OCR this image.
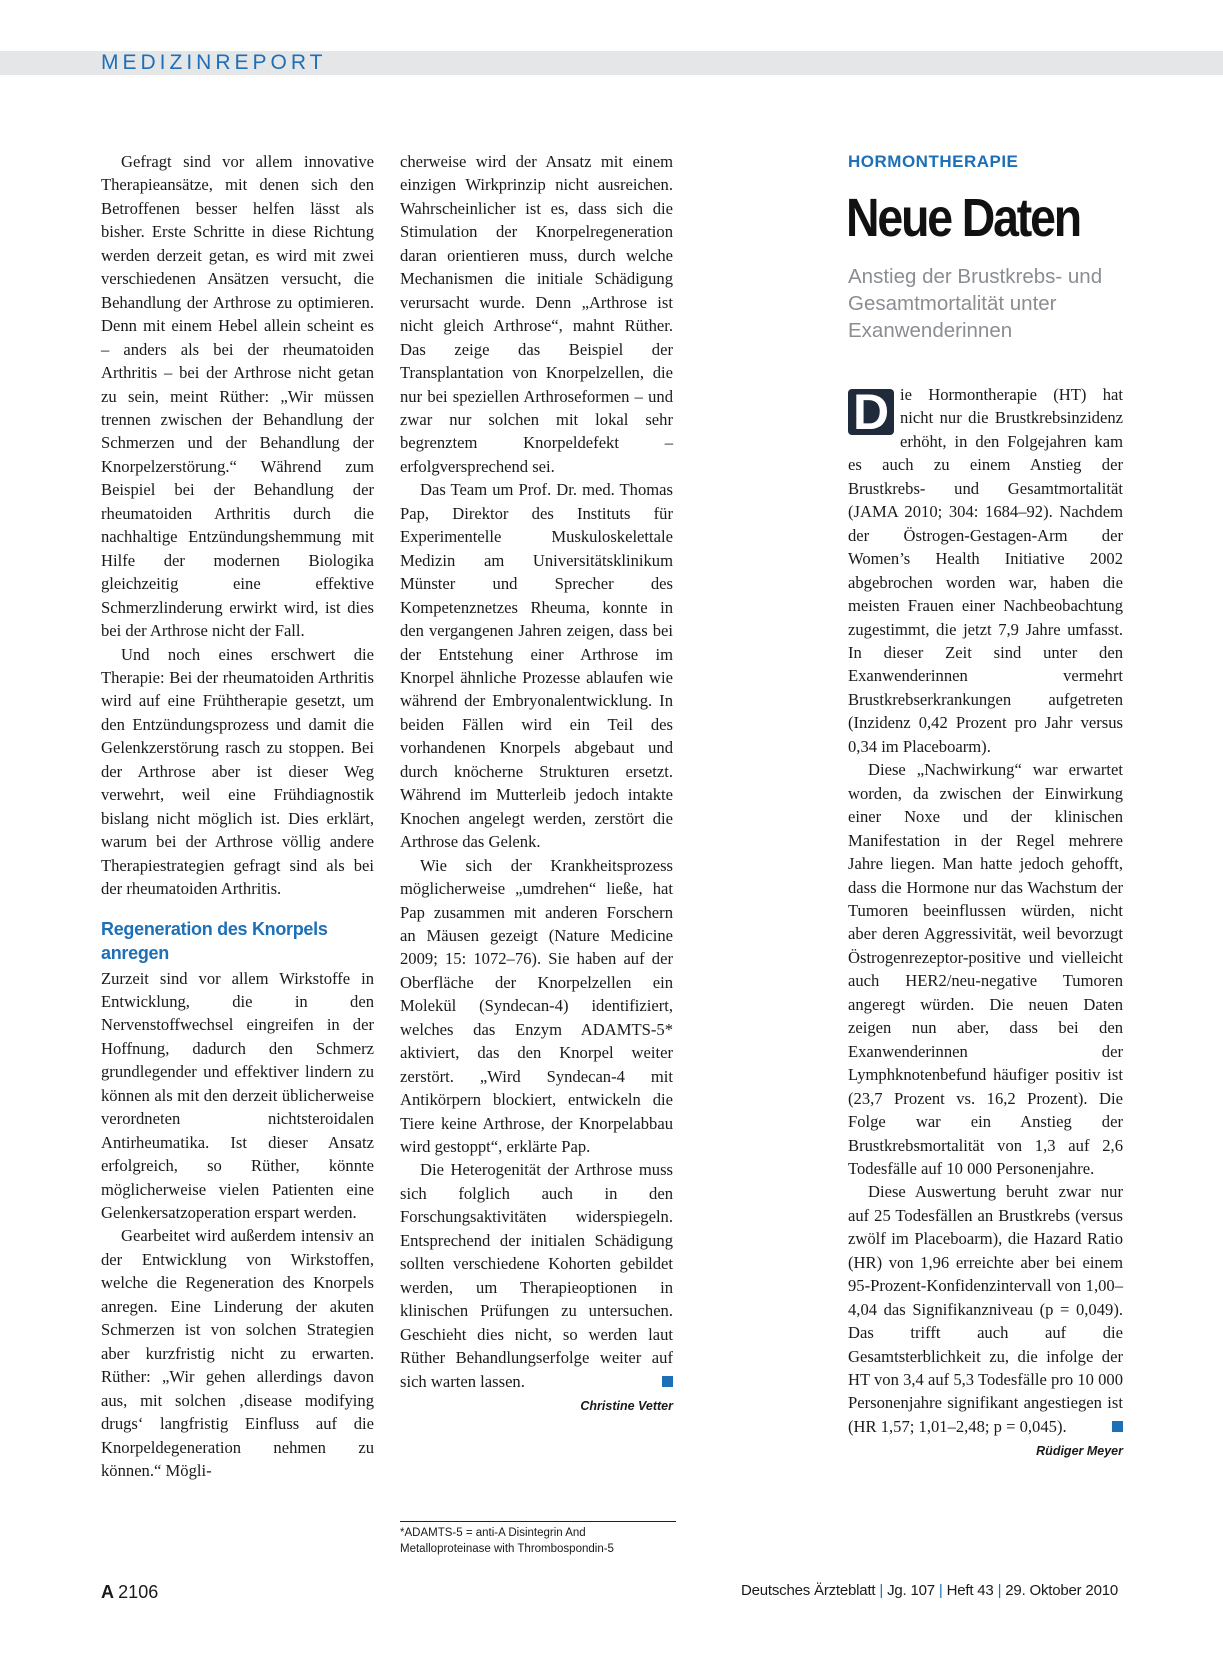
MEDIZINREPORT

Gefragt sind vor allem innovative Therapieansätze, mit denen sich den Betroffenen besser helfen lässt als bisher. Erste Schritte in diese Richtung werden derzeit getan, es wird mit zwei verschiedenen Ansätzen versucht, die Behandlung der Arthrose zu optimieren. Denn mit einem Hebel allein scheint es – anders als bei der rheumatoiden Arthritis – bei der Arthrose nicht getan zu sein, meint Rüther: „Wir müssen trennen zwischen der Behandlung der Schmerzen und der Behandlung der Knorpelzerstörung.“ Während zum Beispiel bei der Behandlung der rheumatoiden Arthritis durch die nachhaltige Entzündungshemmung mit Hilfe der modernen Biologika gleichzeitig eine effektive Schmerzlinderung erwirkt wird, ist dies bei der Arthrose nicht der Fall.

Und noch eines erschwert die Therapie: Bei der rheumatoiden Arthritis wird auf eine Frühtherapie gesetzt, um den Entzündungsprozess und damit die Gelenkzerstörung rasch zu stoppen. Bei der Arthrose aber ist dieser Weg verwehrt, weil eine Frühdiagnostik bislang nicht möglich ist. Dies erklärt, warum bei der Arthrose völlig andere Therapiestrategien gefragt sind als bei der rheumatoiden Arthritis.

Regeneration des Knorpels anregen

Zurzeit sind vor allem Wirkstoffe in Entwicklung, die in den Nervenstoffwechsel eingreifen in der Hoffnung, dadurch den Schmerz grundlegender und effektiver lindern zu können als mit den derzeit üblicherweise verordneten nichtsteroidalen Antirheumatika. Ist dieser Ansatz erfolgreich, so Rüther, könnte möglicherweise vielen Patienten eine Gelenkersatzoperation erspart werden.

Gearbeitet wird außerdem intensiv an der Entwicklung von Wirkstoffen, welche die Regeneration des Knorpels anregen. Eine Linderung der akuten Schmerzen ist von solchen Strategien aber kurzfristig nicht zu erwarten. Rüther: „Wir gehen allerdings davon aus, mit solchen ‚disease modifying drugs‘ langfristig Einfluss auf die Knorpeldegeneration nehmen zu können.“ Mögli-

cherweise wird der Ansatz mit einem einzigen Wirkprinzip nicht ausreichen. Wahrscheinlicher ist es, dass sich die Stimulation der Knorpelregeneration daran orientieren muss, durch welche Mechanismen die initiale Schädigung verursacht wurde. Denn „Arthrose ist nicht gleich Arthrose“, mahnt Rüther. Das zeige das Beispiel der Transplantation von Knorpelzellen, die nur bei speziellen Arthroseformen – und zwar nur solchen mit lokal sehr begrenztem Knorpeldefekt – erfolgversprechend sei.

Das Team um Prof. Dr. med. Thomas Pap, Direktor des Instituts für Experimentelle Muskuloskelettale Medizin am Universitätsklinikum Münster und Sprecher des Kompetenznetzes Rheuma, konnte in den vergangenen Jahren zeigen, dass bei der Entstehung einer Arthrose im Knorpel ähnliche Prozesse ablaufen wie während der Embryonalentwicklung. In beiden Fällen wird ein Teil des vorhandenen Knorpels abgebaut und durch knöcherne Strukturen ersetzt. Während im Mutterleib jedoch intakte Knochen angelegt werden, zerstört die Arthrose das Gelenk.

Wie sich der Krankheitsprozess möglicherweise „umdrehen“ ließe, hat Pap zusammen mit anderen Forschern an Mäusen gezeigt (Nature Medicine 2009; 15: 1072–76). Sie haben auf der Oberfläche der Knorpelzellen ein Molekül (Syndecan-4) identifiziert, welches das Enzym ADAMTS-5* aktiviert, das den Knorpel weiter zerstört. „Wird Syndecan-4 mit Antikörpern blockiert, entwickeln die Tiere keine Arthrose, der Knorpelabbau wird gestoppt“, erklärte Pap.

Die Heterogenität der Arthrose muss sich folglich auch in den Forschungsaktivitäten widerspiegeln. Entsprechend der initialen Schädigung sollten verschiedene Kohorten gebildet werden, um Therapieoptionen in klinischen Prüfungen zu untersuchen. Geschieht dies nicht, so werden laut Rüther Behandlungserfolge weiter auf sich warten lassen.

Christine Vetter
*ADAMTS-5 = anti-A Disintegrin And Metalloproteinase with Thrombospondin-5
HORMONTHERAPIE
Neue Daten
Anstieg der Brustkrebs- und Gesamtmortalität unter Exanwenderinnen

D ie Hormontherapie (HT) hat nicht nur die Brustkrebsinzidenz erhöht, in den Folgejahren kam es auch zu einem Anstieg der Brustkrebs- und Gesamtmortalität (JAMA 2010; 304: 1684–92). Nachdem der Östrogen-Gestagen-Arm der Women’s Health Initiative 2002 abgebrochen worden war, haben die meisten Frauen einer Nachbeobachtung zugestimmt, die jetzt 7,9 Jahre umfasst. In dieser Zeit sind unter den Exanwenderinnen vermehrt Brustkrebserkrankungen aufgetreten (Inzidenz 0,42 Prozent pro Jahr versus 0,34 im Placeboarm).

Diese „Nachwirkung“ war erwartet worden, da zwischen der Einwirkung einer Noxe und der klinischen Manifestation in der Regel mehrere Jahre liegen. Man hatte jedoch gehofft, dass die Hormone nur das Wachstum der Tumoren beeinflussen würden, nicht aber deren Aggressivität, weil bevorzugt Östrogenrezeptor-positive und vielleicht auch HER2/neu-negative Tumoren angeregt würden. Die neuen Daten zeigen nun aber, dass bei den Exanwenderinnen der Lymphknotenbefund häufiger positiv ist (23,7 Prozent vs. 16,2 Prozent). Die Folge war ein Anstieg der Brustkrebsmortalität von 1,3 auf 2,6 Todesfälle auf 10 000 Personenjahre.

Diese Auswertung beruht zwar nur auf 25 Todesfällen an Brustkrebs (versus zwölf im Placeboarm), die Hazard Ratio (HR) von 1,96 erreichte aber bei einem 95-Prozent-Konfidenzintervall von 1,00–4,04 das Signifikanzniveau (p = 0,049). Das trifft auch auf die Gesamtsterblichkeit zu, die infolge der HT von 3,4 auf 5,3 Todesfälle pro 10 000 Personenjahre signifikant angestiegen ist (HR 1,57; 1,01–2,48; p = 0,045).

Rüdiger Meyer
A 2106	Deutsches Ärzteblatt | Jg. 107 | Heft 43 | 29. Oktober 2010
